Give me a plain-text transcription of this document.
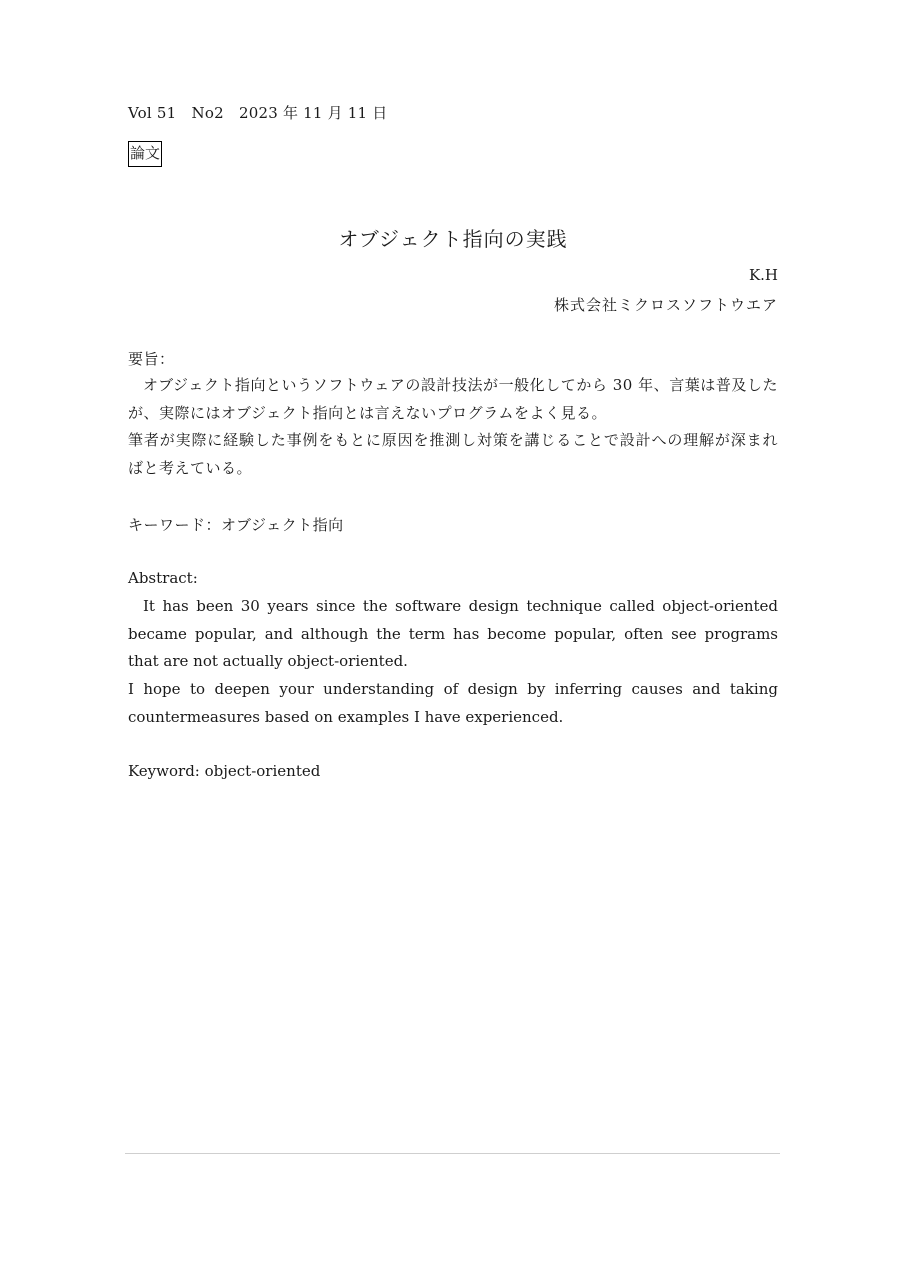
Vol 51　No2　2023 年 11 月 11 日
論文
オブジェクト指向の実践
K.H
株式会社ミクロスソフトウエア
要旨：
オブジェクト指向というソフトウェアの設計技法が一般化してから 30 年、言葉は普及したが、実際にはオブジェクト指向とは言えないプログラムをよく見る。
筆者が実際に経験した事例をもとに原因を推測し対策を講じることで設計への理解が深まればと考えている。
キーワード：オブジェクト指向
Abstract:
It has been 30 years since the software design technique called object-oriented became popular, and although the term has become popular, often see programs that are not actually object-oriented.
I hope to deepen your understanding of design by inferring causes and taking countermeasures based on examples I have experienced.
Keyword: object-oriented
